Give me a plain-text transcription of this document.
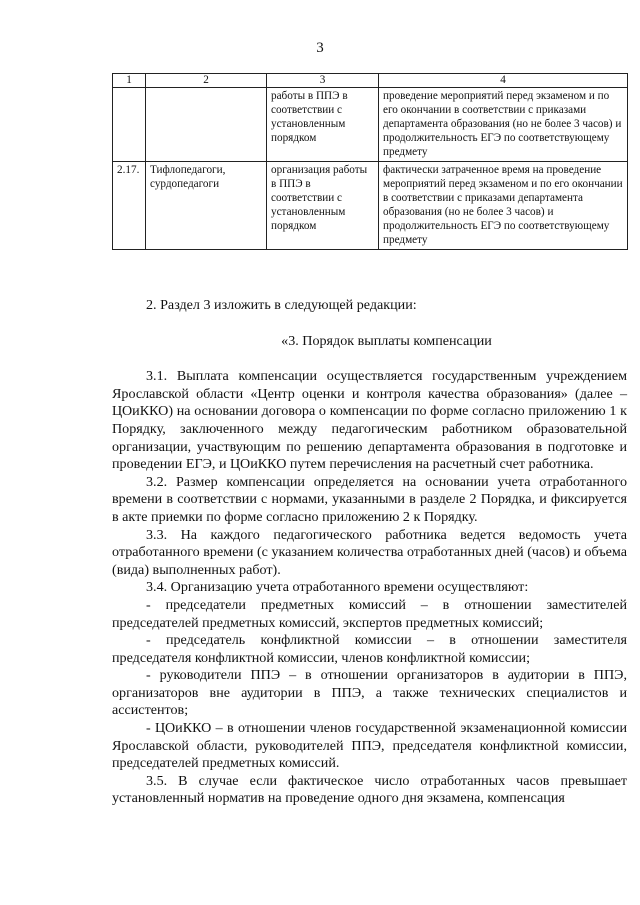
3
1	2	3	4
		работы в ППЭ в соответствии с установленным порядком	проведение мероприятий перед экзаменом и по его окончании в соответствии с приказами департамента образования (но не более 3 часов) и продолжительность ЕГЭ по соответствующему предмету
2.17.	Тифлопедагоги, сурдопедагоги	организация работы в ППЭ в соответствии с установленным порядком	фактически затраченное время на проведение мероприятий перед экзаменом и по его окончании в соответствии с приказами департамента образования (но не более 3 часов) и продолжительность ЕГЭ по соответствующему предмету

2. Раздел 3 изложить в следующей редакции:

«3. Порядок выплаты компенсации

3.1. Выплата компенсации осуществляется государственным учреждением Ярославской области «Центр оценки и контроля качества образования» (далее – ЦОиККО) на основании договора о компенсации по форме согласно приложению 1 к Порядку, заключенного между педагогическим работником образовательной организации, участвующим по решению департамента образования в подготовке и проведении ЕГЭ, и ЦОиККО путем перечисления на расчетный счет работника.

3.2. Размер компенсации определяется на основании учета отработанного времени в соответствии с нормами, указанными в разделе 2 Порядка, и фиксируется в акте приемки по форме согласно приложению 2 к Порядку.

3.3. На каждого педагогического работника ведется ведомость учета отработанного времени (с указанием количества отработанных дней (часов) и объема (вида) выполненных работ).

3.4. Организацию учета отработанного времени осуществляют:

- председатели предметных комиссий – в отношении заместителей председателей предметных комиссий, экспертов предметных комиссий;

- председатель конфликтной комиссии – в отношении заместителя председателя конфликтной комиссии, членов конфликтной комиссии;

- руководители ППЭ – в отношении организаторов в аудитории в ППЭ, организаторов вне аудитории в ППЭ, а также технических специалистов и ассистентов;

- ЦОиККО – в отношении членов государственной экзаменационной комиссии Ярославской области, руководителей ППЭ, председателя конфликтной комиссии, председателей предметных комиссий.

3.5. В случае если фактическое число отработанных часов превышает установленный норматив на проведение одного дня экзамена, компенсация
